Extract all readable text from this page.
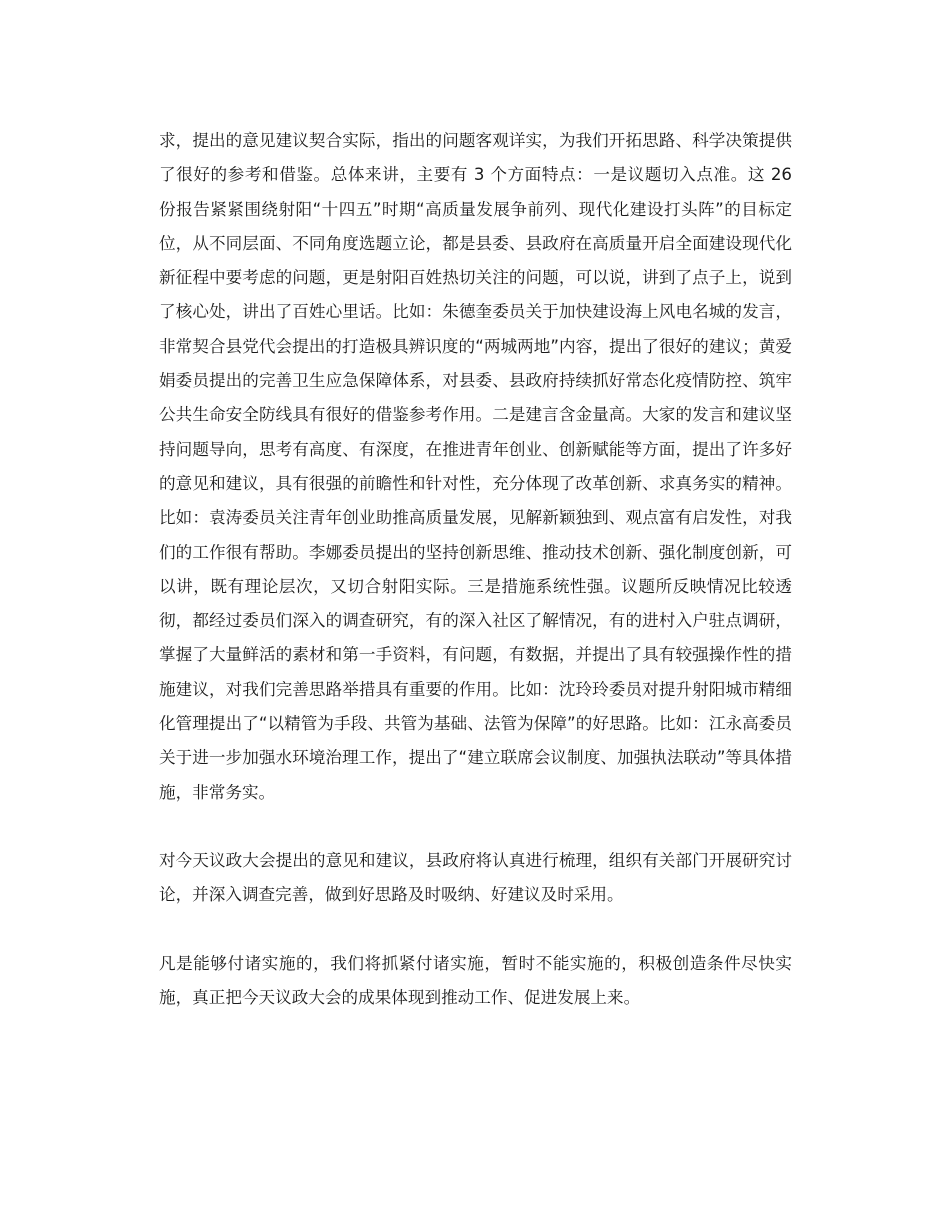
求，提出的意见建议契合实际，指出的问题客观详实，为我们开拓思路、科学决策提供了很好的参考和借鉴。总体来讲，主要有 3 个方面特点：一是议题切入点准。这 26 份报告紧紧围绕射阳“十四五”时期“高质量发展争前列、现代化建设打头阵”的目标定位，从不同层面、不同角度选题立论，都是县委、县政府在高质量开启全面建设现代化新征程中要考虑的问题，更是射阳百姓热切关注的问题，可以说，讲到了点子上，说到了核心处，讲出了百姓心里话。比如：朱德奎委员关于加快建设海上风电名城的发言，非常契合县党代会提出的打造极具辨识度的“两城两地”内容，提出了很好的建议；黄爱娟委员提出的完善卫生应急保障体系，对县委、县政府持续抓好常态化疫情防控、筑牢公共生命安全防线具有很好的借鉴参考作用。二是建言含金量高。大家的发言和建议坚持问题导向，思考有高度、有深度，在推进青年创业、创新赋能等方面，提出了许多好的意见和建议，具有很强的前瞻性和针对性，充分体现了改革创新、求真务实的精神。比如：袁涛委员关注青年创业助推高质量发展，见解新颖独到、观点富有启发性，对我们的工作很有帮助。李娜委员提出的坚持创新思维、推动技术创新、强化制度创新，可以讲，既有理论层次，又切合射阳实际。三是措施系统性强。议题所反映情况比较透彻，都经过委员们深入的调查研究，有的深入社区了解情况，有的进村入户驻点调研，掌握了大量鲜活的素材和第一手资料，有问题，有数据，并提出了具有较强操作性的措施建议，对我们完善思路举措具有重要的作用。比如：沈玲玲委员对提升射阳城市精细化管理提出了“以精管为手段、共管为基础、法管为保障”的好思路。比如：江永高委员关于进一步加强水环境治理工作，提出了“建立联席会议制度、加强执法联动”等具体措施，非常务实。

对今天议政大会提出的意见和建议，县政府将认真进行梳理，组织有关部门开展研究讨论，并深入调查完善，做到好思路及时吸纳、好建议及时采用。

凡是能够付诸实施的，我们将抓紧付诸实施，暂时不能实施的，积极创造条件尽快实施，真正把今天议政大会的成果体现到推动工作、促进发展上来。
